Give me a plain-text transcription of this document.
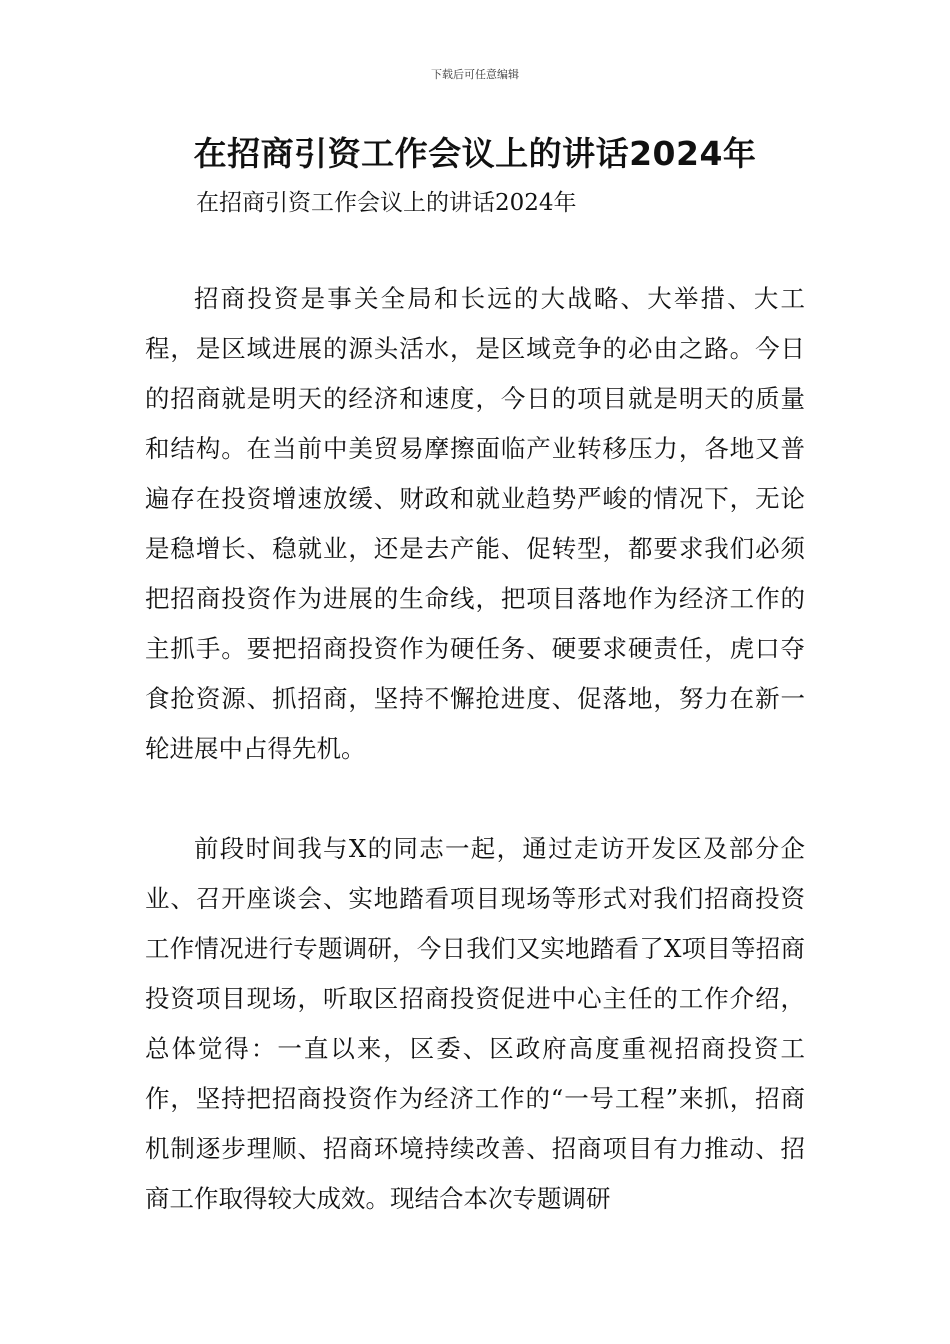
下载后可任意编辑
在招商引资工作会议上的讲话2024年

在招商引资工作会议上的讲话2024年

招商投资是事关全局和长远的大战略、大举措、大工程，是区域进展的源头活水，是区域竞争的必由之路。今日的招商就是明天的经济和速度，今日的项目就是明天的质量和结构。在当前中美贸易摩擦面临产业转移压力，各地又普遍存在投资增速放缓、财政和就业趋势严峻的情况下，无论是稳增长、稳就业，还是去产能、促转型，都要求我们必须把招商投资作为进展的生命线，把项目落地作为经济工作的主抓手。要把招商投资作为硬任务、硬要求硬责任，虎口夺食抢资源、抓招商，坚持不懈抢进度、促落地，努力在新一轮进展中占得先机。

前段时间我与X的同志一起，通过走访开发区及部分企业、召开座谈会、实地踏看项目现场等形式对我们招商投资工作情况进行专题调研，今日我们又实地踏看了X项目等招商投资项目现场，听取区招商投资促进中心主任的工作介绍，总体觉得：一直以来，区委、区政府高度重视招商投资工作，坚持把招商投资作为经济工作的“一号工程”来抓，招商机制逐步理顺、招商环境持续改善、招商项目有力推动、招商工作取得较大成效。现结合本次专题调研
